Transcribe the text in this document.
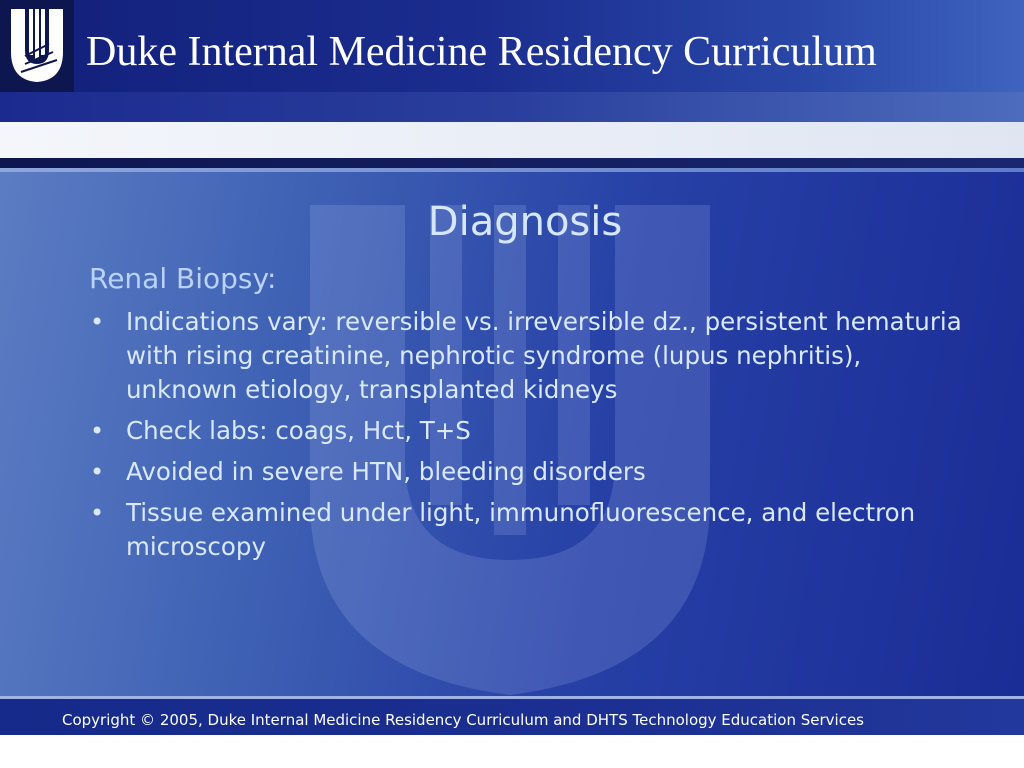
Duke Internal Medicine Residency Curriculum
Diagnosis

Renal Biopsy:

• Indications vary: reversible vs. irreversible dz., persistent hematuria with rising creatinine, nephrotic syndrome (lupus nephritis), unknown etiology, transplanted kidneys
• Check labs: coags, Hct, T+S
• Avoided in severe HTN, bleeding disorders
• Tissue examined under light, immunofluorescence, and electron microscopy
Copyright © 2005, Duke Internal Medicine Residency Curriculum and DHTS Technology Education Services
